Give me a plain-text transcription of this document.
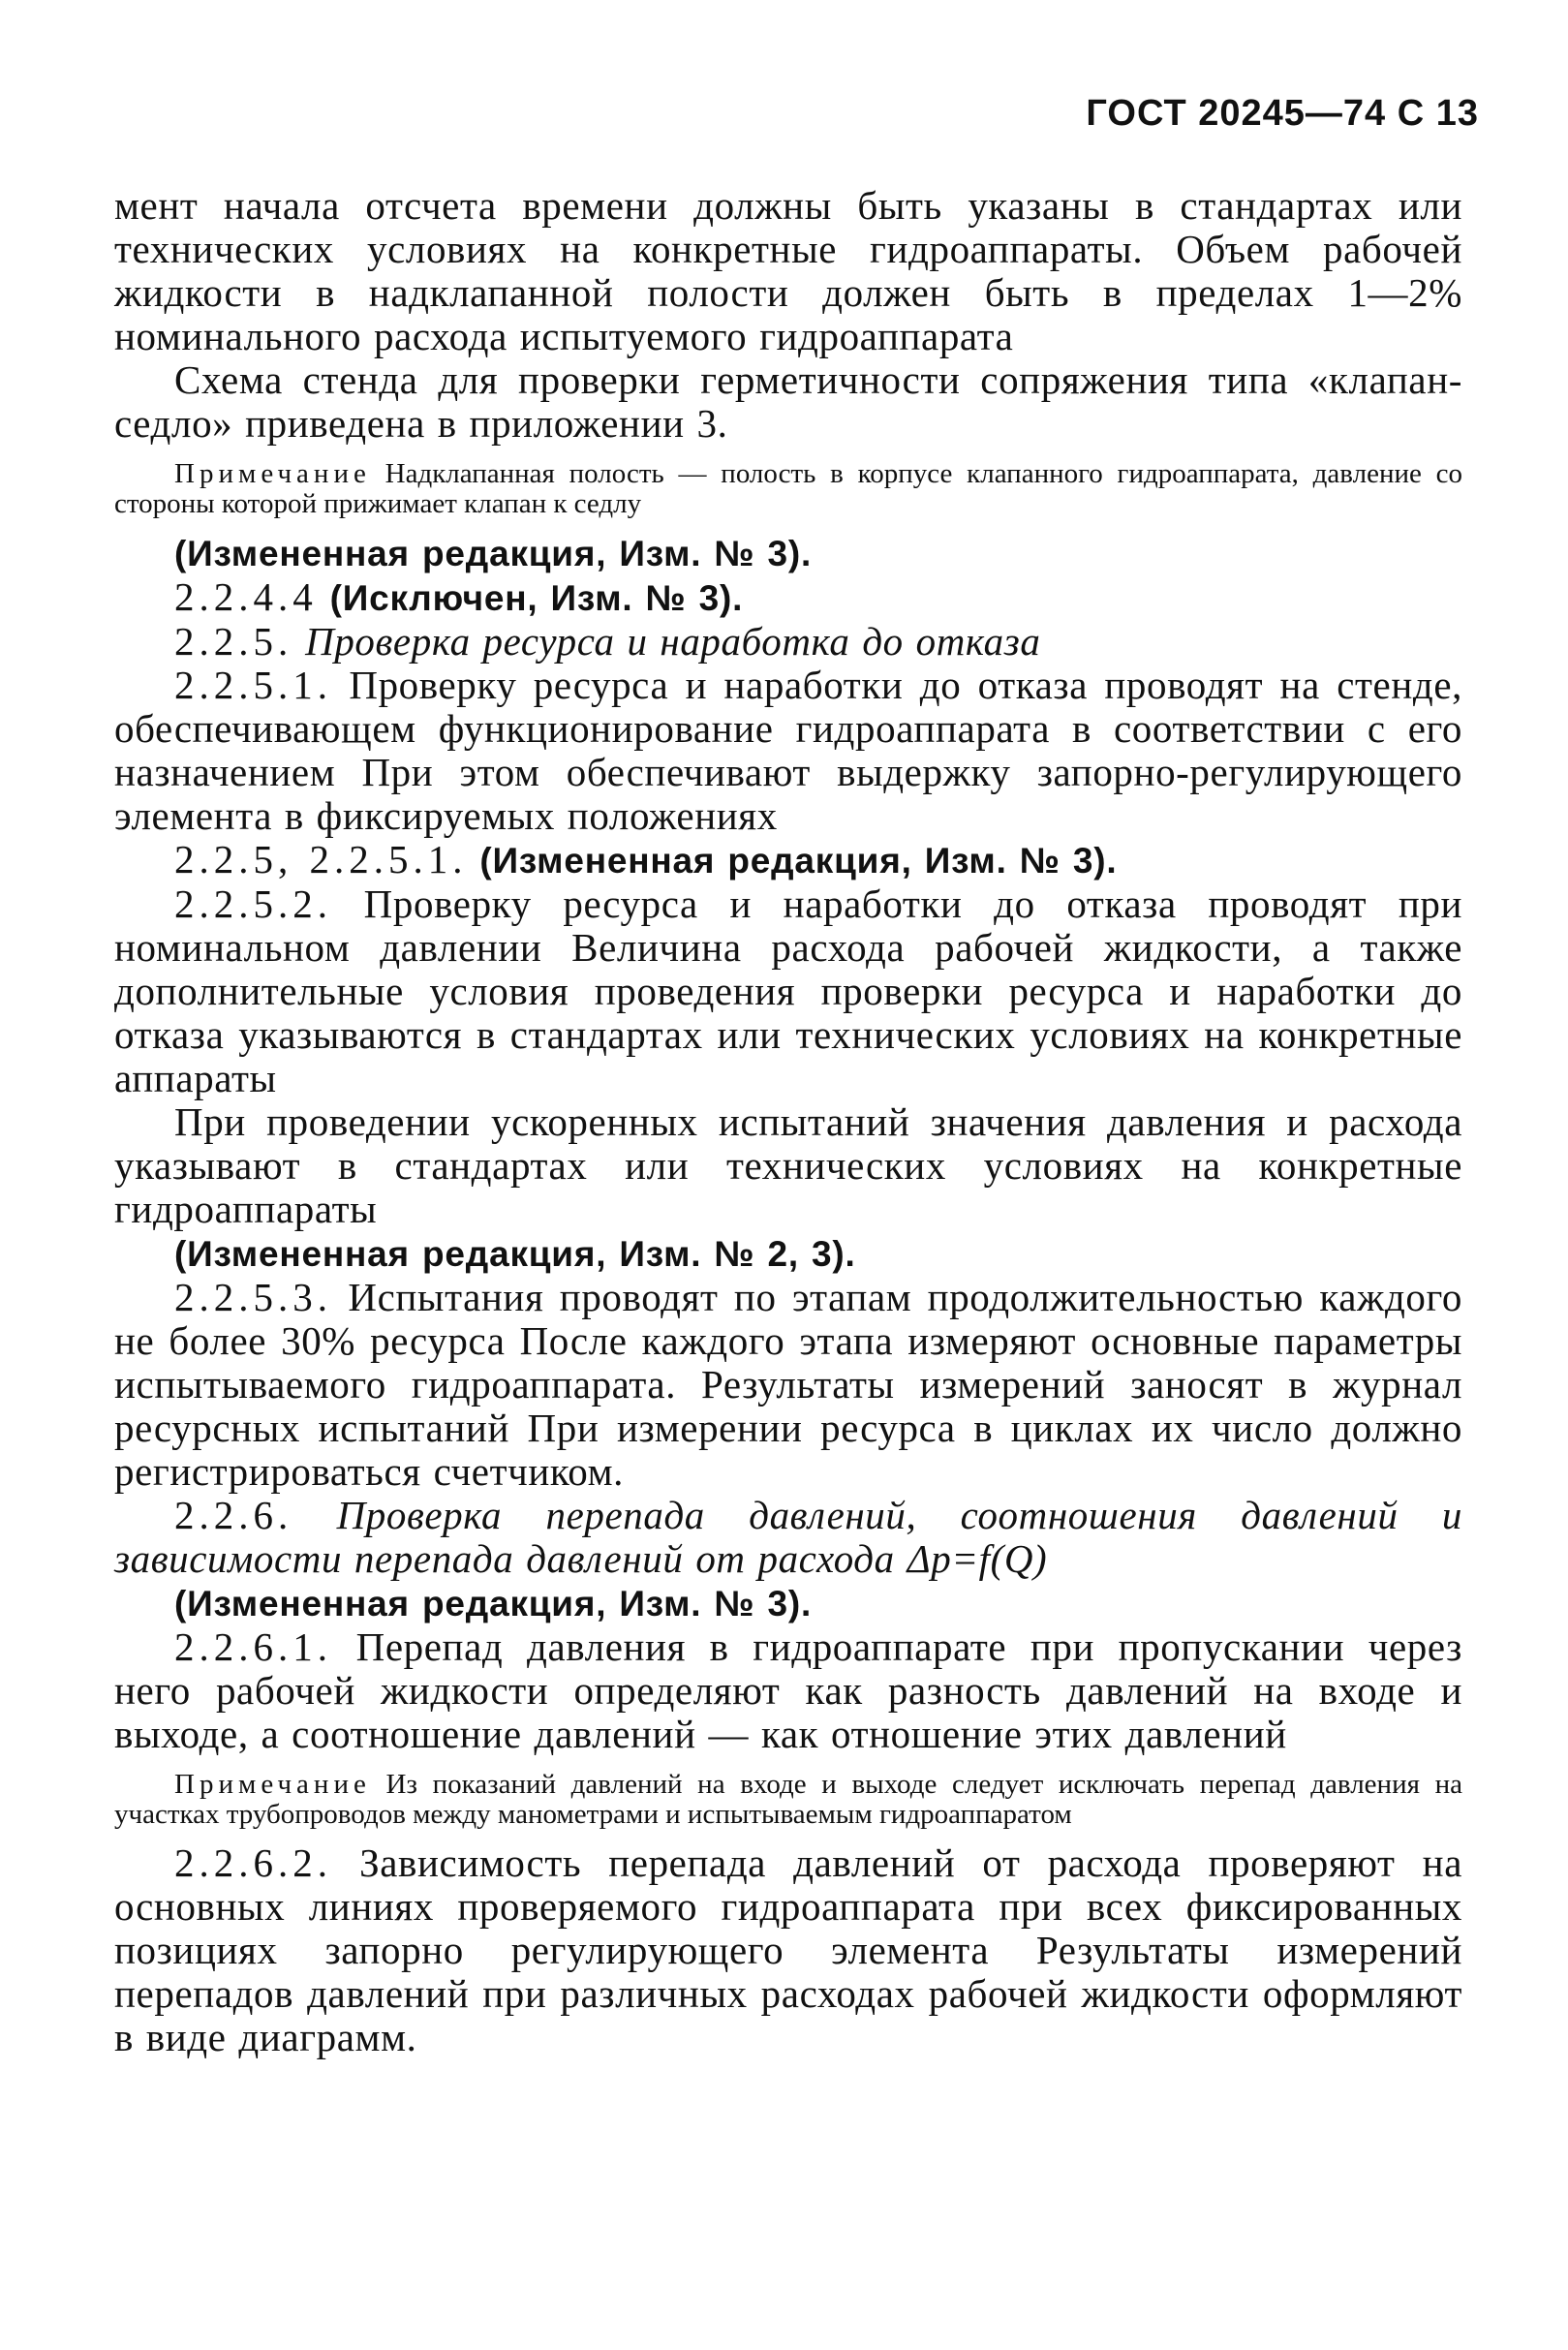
ГОСТ 20245—74 С 13

мент начала отсчета времени должны быть указаны в стандартах или технических условиях на конкретные гидроаппараты. Объем рабочей жидкости в надклапанной полости должен быть в пределах 1—2% номинального расхода испытуемого гидроаппарата

Схема стенда для проверки герметичности сопряжения типа «клапан-седло» приведена в приложении 3.

Примечание Надклапанная полость — полость в корпусе клапанного гидроаппарата, давление со стороны которой прижимает клапан к седлу

(Измененная редакция, Изм. № 3).

2.2.4.4 (Исключен, Изм. № 3).

2.2.5. Проверка ресурса и наработка до отказа

2.2.5.1. Проверку ресурса и наработки до отказа проводят на стенде, обеспечивающем функционирование гидроаппарата в соответствии с его назначением При этом обеспечивают выдержку запорно-регулирующего элемента в фиксируемых положениях

2.2.5, 2.2.5.1. (Измененная редакция, Изм. № 3).

2.2.5.2. Проверку ресурса и наработки до отказа проводят при номинальном давлении Величина расхода рабочей жидкости, а также дополнительные условия проведения проверки ресурса и наработки до отказа указываются в стандартах или технических условиях на конкретные аппараты

При проведении ускоренных испытаний значения давления и расхода указывают в стандартах или технических условиях на конкретные гидроаппараты

(Измененная редакция, Изм. № 2, 3).

2.2.5.3. Испытания проводят по этапам продолжительностью каждого не более 30% ресурса После каждого этапа измеряют основные параметры испытываемого гидроаппарата. Результаты измерений заносят в журнал ресурсных испытаний При измерении ресурса в циклах их число должно регистрироваться счетчиком.

2.2.6. Проверка перепада давлений, соотношения давлений и зависимости перепада давлений от расхода Δp=f(Q)

(Измененная редакция, Изм. № 3).

2.2.6.1. Перепад давления в гидроаппарате при пропускании через него рабочей жидкости определяют как разность давлений на входе и выходе, а соотношение давлений — как отношение этих давлений

Примечание Из показаний давлений на входе и выходе следует исключать перепад давления на участках трубопроводов между манометрами и испытываемым гидроаппаратом

2.2.6.2. Зависимость перепада давлений от расхода проверяют на основных линиях проверяемого гидроаппарата при всех фиксированных позициях запорно регулирующего элемента Результаты измерений перепадов давлений при различных расходах рабочей жидкости оформляют в виде диаграмм.
